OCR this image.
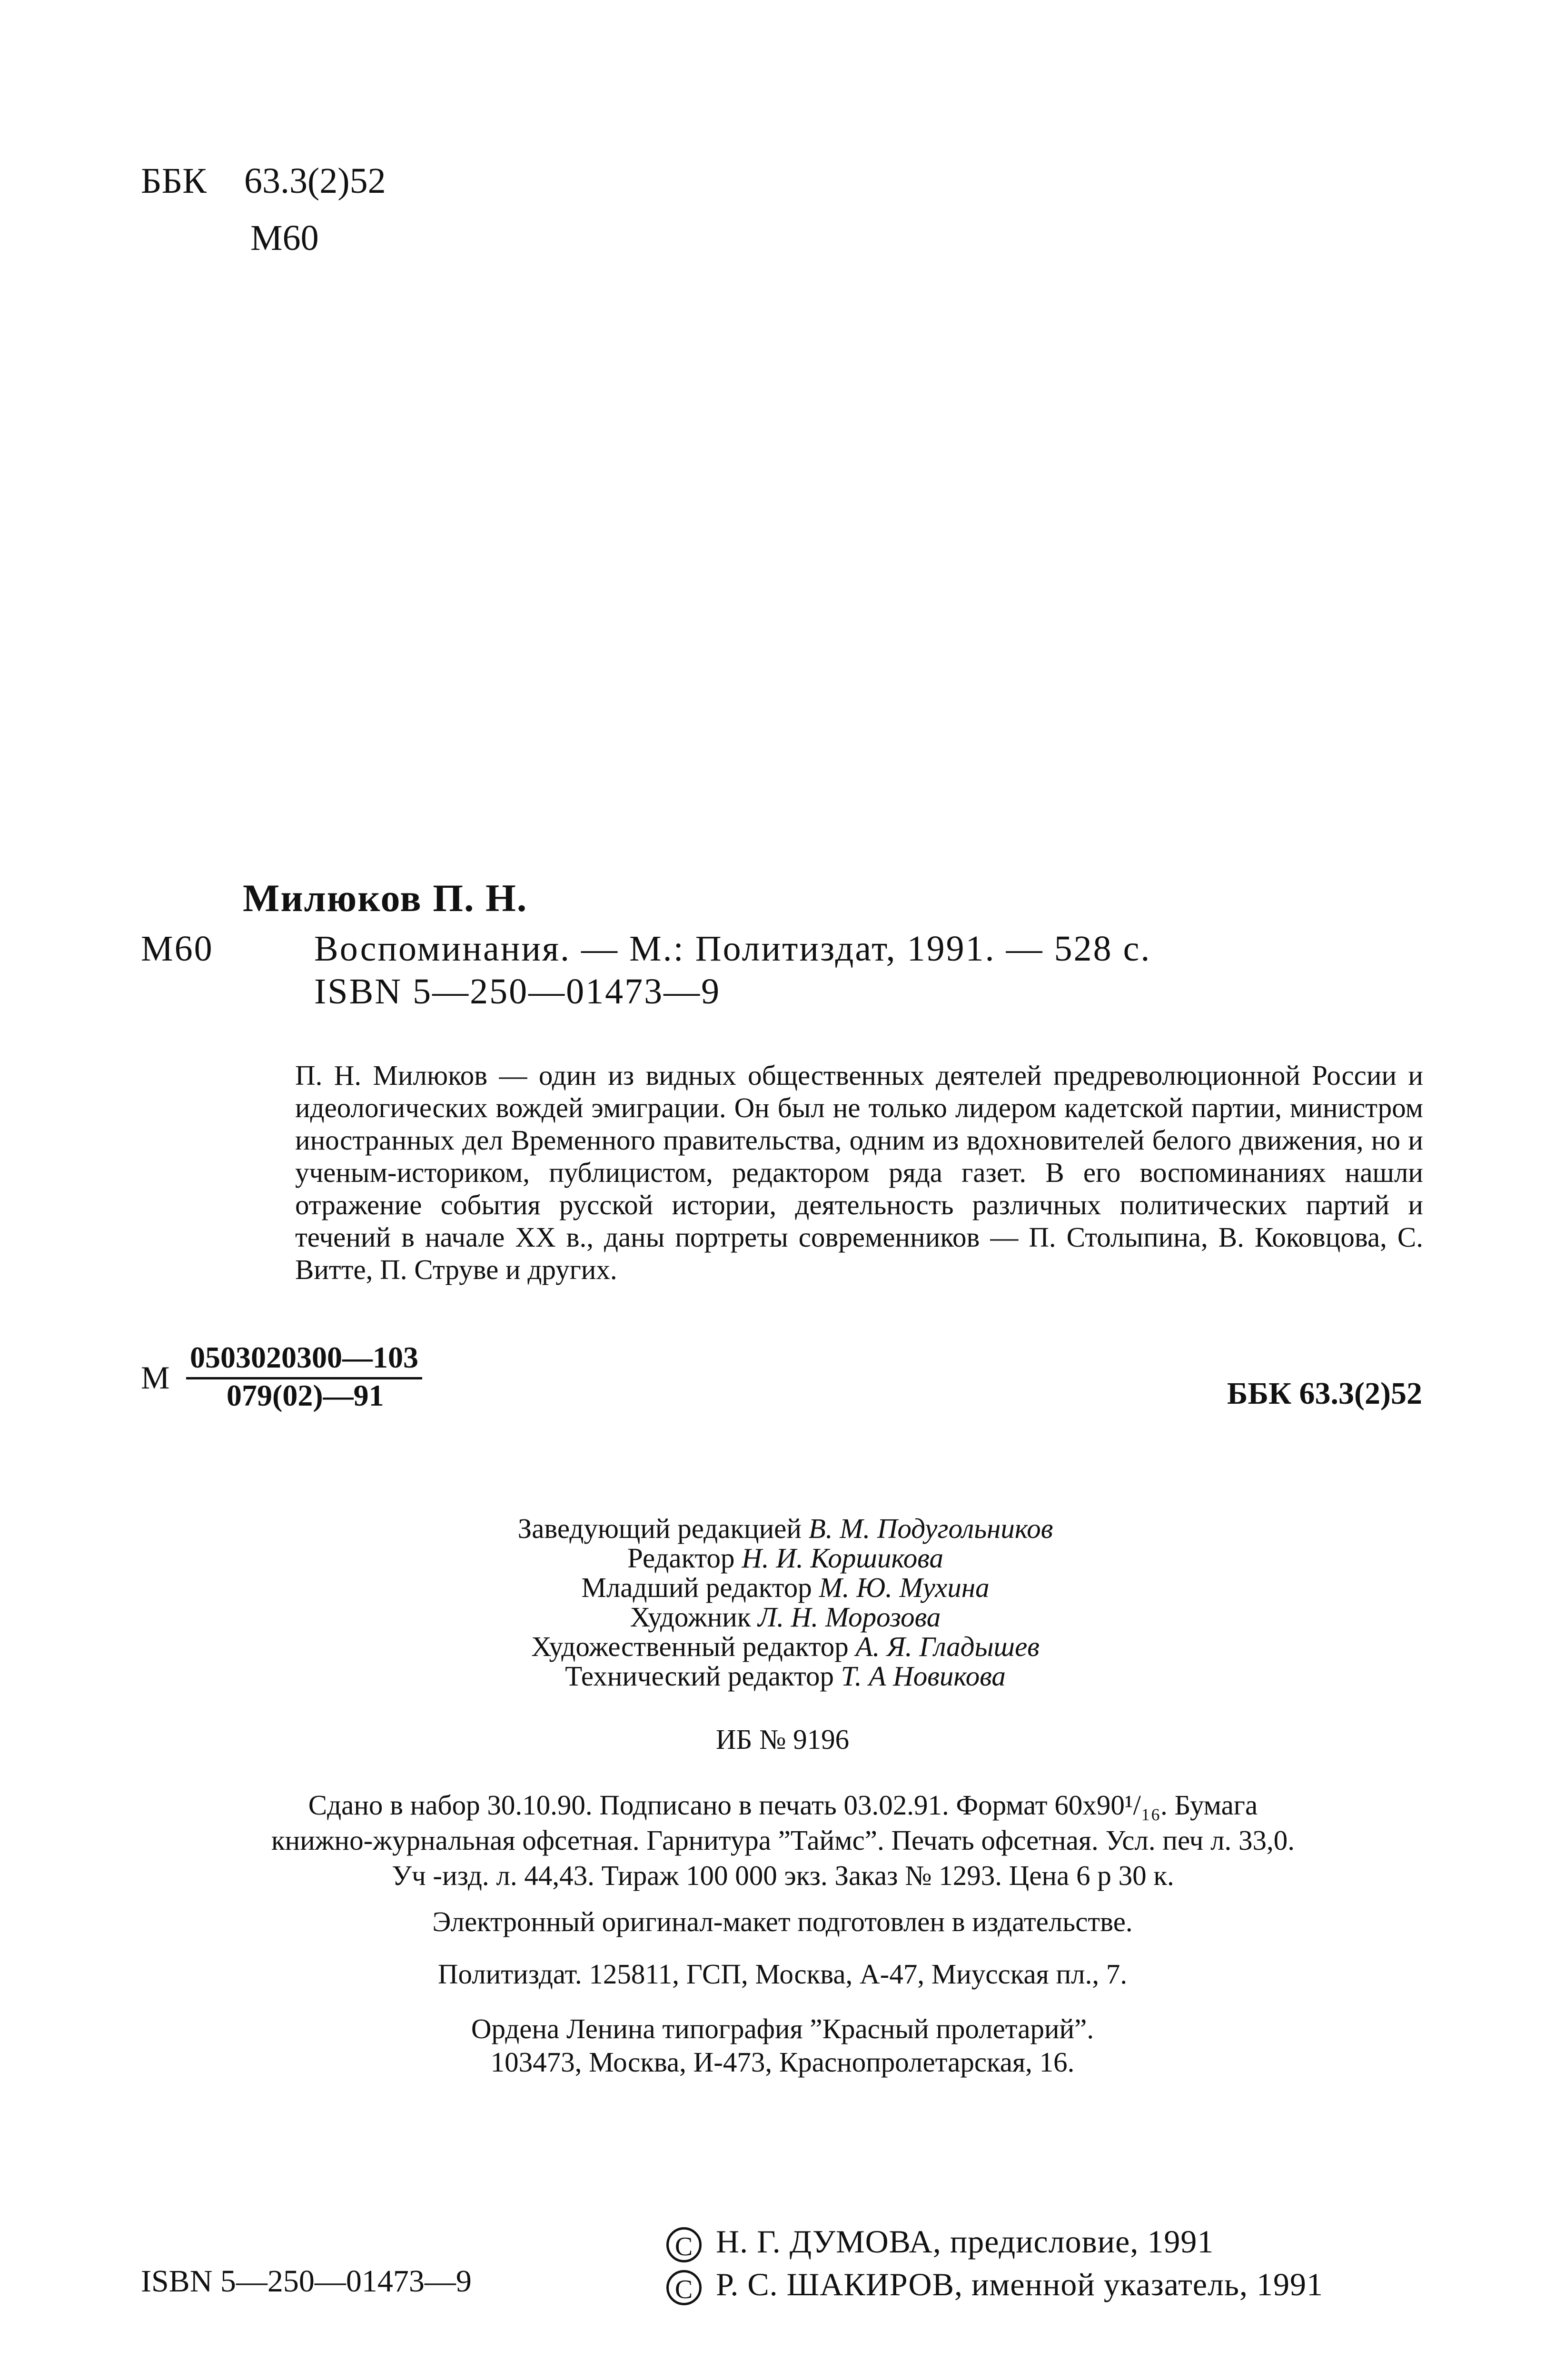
ББК 63.3(2)52
М60
Милюков П. Н.
М60	Воспоминания. — М.: Политиздат, 1991. — 528 с.
ISBN 5—250—01473—9
П. Н. Милюков — один из видных общественных деятелей предреволюционной России и идеологических вождей эмиграции. Он был не только лидером кадетской партии, министром иностранных дел Временного правительства, одним из вдохновителей белого движения, но и ученым-историком, публицистом, редактором ряда газет. В его воспоминаниях нашли отражение события русской истории, деятельность различных политических партий и течений в начале XX в., даны портреты современников — П. Столыпина, В. Коковцова, С. Витте, П. Струве и других.
М
0503020300—103
079(02)—91	ББК 63.3(2)52
Заведующий редакцией В. М. Подугольников
Редактор Н. И. Коршикова
Младший редактор М. Ю. Мухина
Художник Л. Н. Морозова
Художественный редактор А. Я. Гладышев
Технический редактор Т. А Новикова
ИБ № 9196
Сдано в набор 30.10.90. Подписано в печать 03.02.91. Формат 60x90¹/₁₆. Бумага
книжно-журнальная офсетная. Гарнитура ”Таймс”. Печать офсетная. Усл. печ л. 33,0.
Уч -изд. л. 44,43. Тираж 100 000 экз. Заказ № 1293. Цена 6 р 30 к.
Электронный оригинал-макет подготовлен в издательстве.
Политиздат. 125811, ГСП, Москва, А-47, Миусская пл., 7.
Ордена Ленина типография ”Красный пролетарий”.
103473, Москва, И-473, Краснопролетарская, 16.
ISBN 5—250—01473—9
C Н. Г. ДУМОВА, предисловие, 1991
C Р. С. ШАКИРОВ, именной указатель, 1991
